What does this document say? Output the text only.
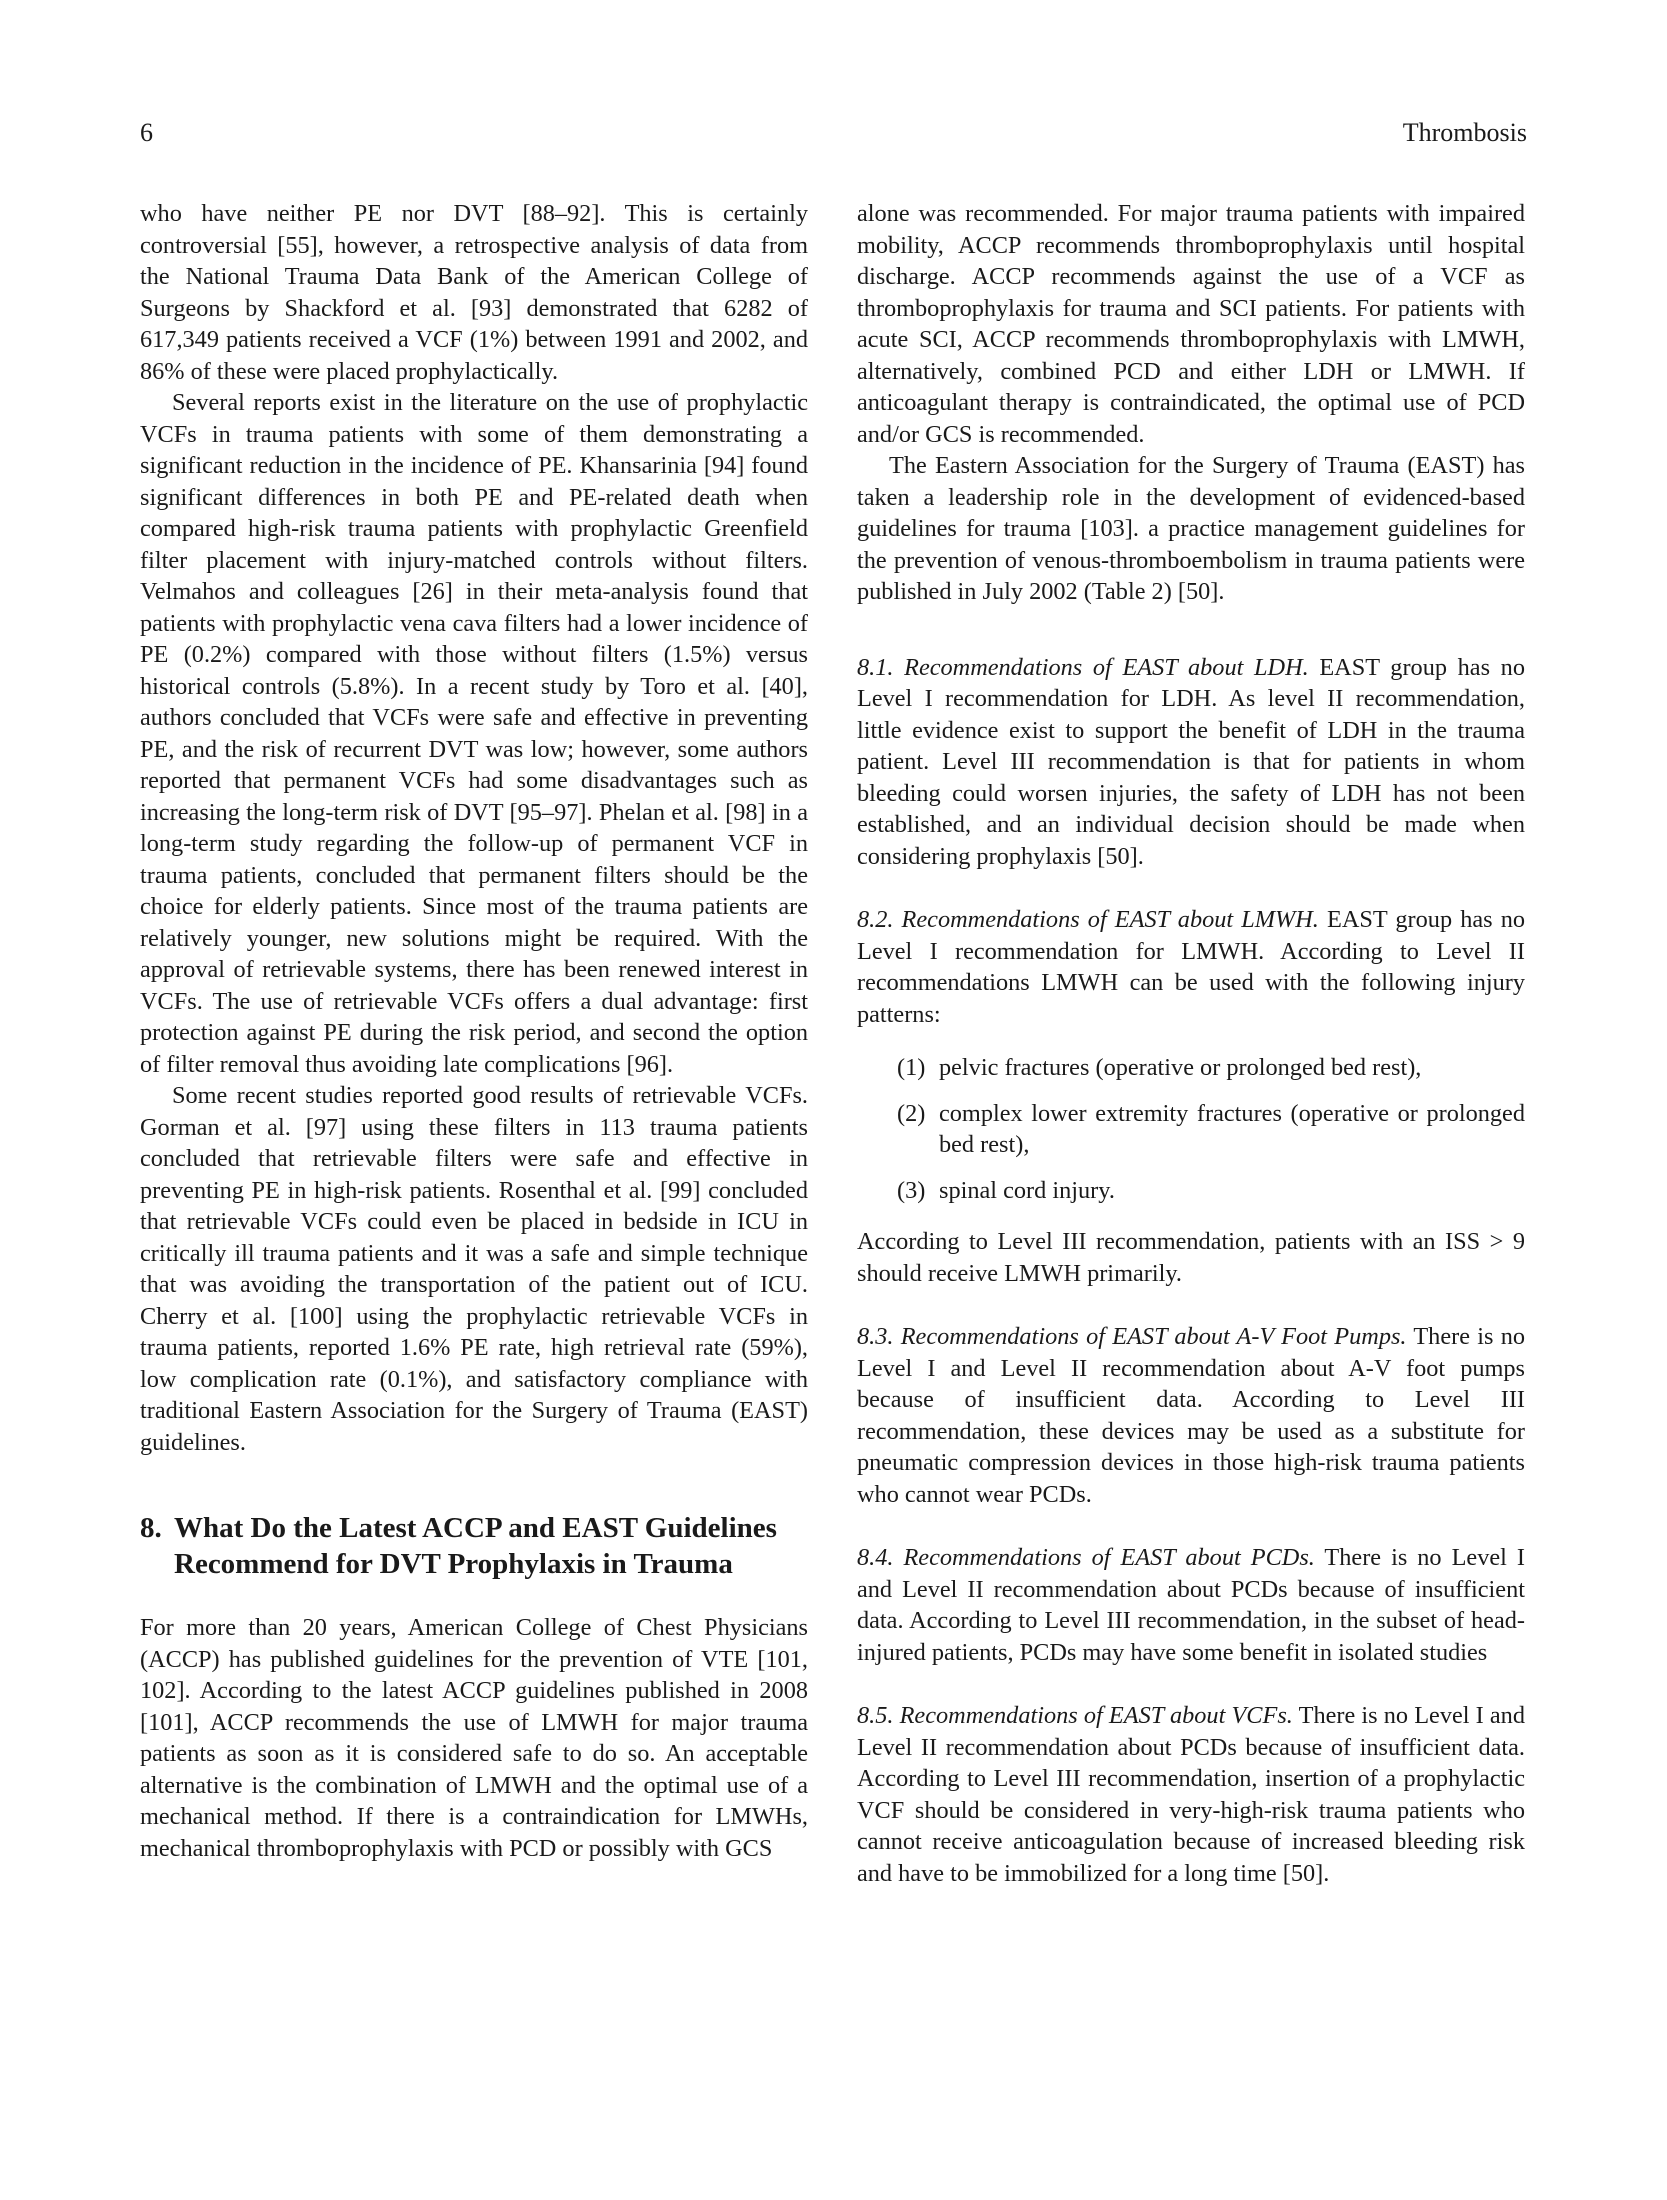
6	Thrombosis

who have neither PE nor DVT [88–92]. This is certainly controversial [55], however, a retrospective analysis of data from the National Trauma Data Bank of the American College of Surgeons by Shackford et al. [93] demonstrated that 6282 of 617,349 patients received a VCF (1%) between 1991 and 2002, and 86% of these were placed prophylactically.

Several reports exist in the literature on the use of prophylactic VCFs in trauma patients with some of them demonstrating a significant reduction in the incidence of PE. Khansarinia [94] found significant differences in both PE and PE-related death when compared high-risk trauma patients with prophylactic Greenfield filter placement with injury-matched controls without filters. Velmahos and colleagues [26] in their meta-analysis found that patients with prophylactic vena cava filters had a lower incidence of PE (0.2%) compared with those without filters (1.5%) versus historical controls (5.8%). In a recent study by Toro et al. [40], authors concluded that VCFs were safe and effective in preventing PE, and the risk of recurrent DVT was low; however, some authors reported that permanent VCFs had some disadvantages such as increasing the long-term risk of DVT [95–97]. Phelan et al. [98] in a long-term study regarding the follow-up of permanent VCF in trauma patients, concluded that permanent filters should be the choice for elderly patients. Since most of the trauma patients are relatively younger, new solutions might be required. With the approval of retrievable systems, there has been renewed interest in VCFs. The use of retrievable VCFs offers a dual advantage: first protection against PE during the risk period, and second the option of filter removal thus avoiding late complications [96].

Some recent studies reported good results of retrievable VCFs. Gorman et al. [97] using these filters in 113 trauma patients concluded that retrievable filters were safe and effective in preventing PE in high-risk patients. Rosenthal et al. [99] concluded that retrievable VCFs could even be placed in bedside in ICU in critically ill trauma patients and it was a safe and simple technique that was avoiding the transportation of the patient out of ICU. Cherry et al. [100] using the prophylactic retrievable VCFs in trauma patients, reported 1.6% PE rate, high retrieval rate (59%), low complication rate (0.1%), and satisfactory compliance with traditional Eastern Association for the Surgery of Trauma (EAST) guidelines.

8. What Do the Latest ACCP and EAST Guidelines Recommend for DVT Prophylaxis in Trauma

For more than 20 years, American College of Chest Physicians (ACCP) has published guidelines for the prevention of VTE [101, 102]. According to the latest ACCP guidelines published in 2008 [101], ACCP recommends the use of LMWH for major trauma patients as soon as it is considered safe to do so. An acceptable alternative is the combination of LMWH and the optimal use of a mechanical method. If there is a contraindication for LMWHs, mechanical thromboprophylaxis with PCD or possibly with GCS

alone was recommended. For major trauma patients with impaired mobility, ACCP recommends thromboprophylaxis until hospital discharge. ACCP recommends against the use of a VCF as thromboprophylaxis for trauma and SCI patients. For patients with acute SCI, ACCP recommends thromboprophylaxis with LMWH, alternatively, combined PCD and either LDH or LMWH. If anticoagulant therapy is contraindicated, the optimal use of PCD and/or GCS is recommended.

The Eastern Association for the Surgery of Trauma (EAST) has taken a leadership role in the development of evidenced-based guidelines for trauma [103]. a practice management guidelines for the prevention of venous-thromboembolism in trauma patients were published in July 2002 (Table 2) [50].

8.1. Recommendations of EAST about LDH. EAST group has no Level I recommendation for LDH. As level II recommendation, little evidence exist to support the benefit of LDH in the trauma patient. Level III recommendation is that for patients in whom bleeding could worsen injuries, the safety of LDH has not been established, and an individual decision should be made when considering prophylaxis [50].

8.2. Recommendations of EAST about LMWH. EAST group has no Level I recommendation for LMWH. According to Level II recommendations LMWH can be used with the following injury patterns:

(1) pelvic fractures (operative or prolonged bed rest),
(2) complex lower extremity fractures (operative or prolonged bed rest),
(3) spinal cord injury.

According to Level III recommendation, patients with an ISS > 9 should receive LMWH primarily.

8.3. Recommendations of EAST about A-V Foot Pumps. There is no Level I and Level II recommendation about A-V foot pumps because of insufficient data. According to Level III recommendation, these devices may be used as a substitute for pneumatic compression devices in those high-risk trauma patients who cannot wear PCDs.

8.4. Recommendations of EAST about PCDs. There is no Level I and Level II recommendation about PCDs because of insufficient data. According to Level III recommendation, in the subset of head-injured patients, PCDs may have some benefit in isolated studies

8.5. Recommendations of EAST about VCFs. There is no Level I and Level II recommendation about PCDs because of insufficient data. According to Level III recommendation, insertion of a prophylactic VCF should be considered in very-high-risk trauma patients who cannot receive anticoagulation because of increased bleeding risk and have to be immobilized for a long time [50].
